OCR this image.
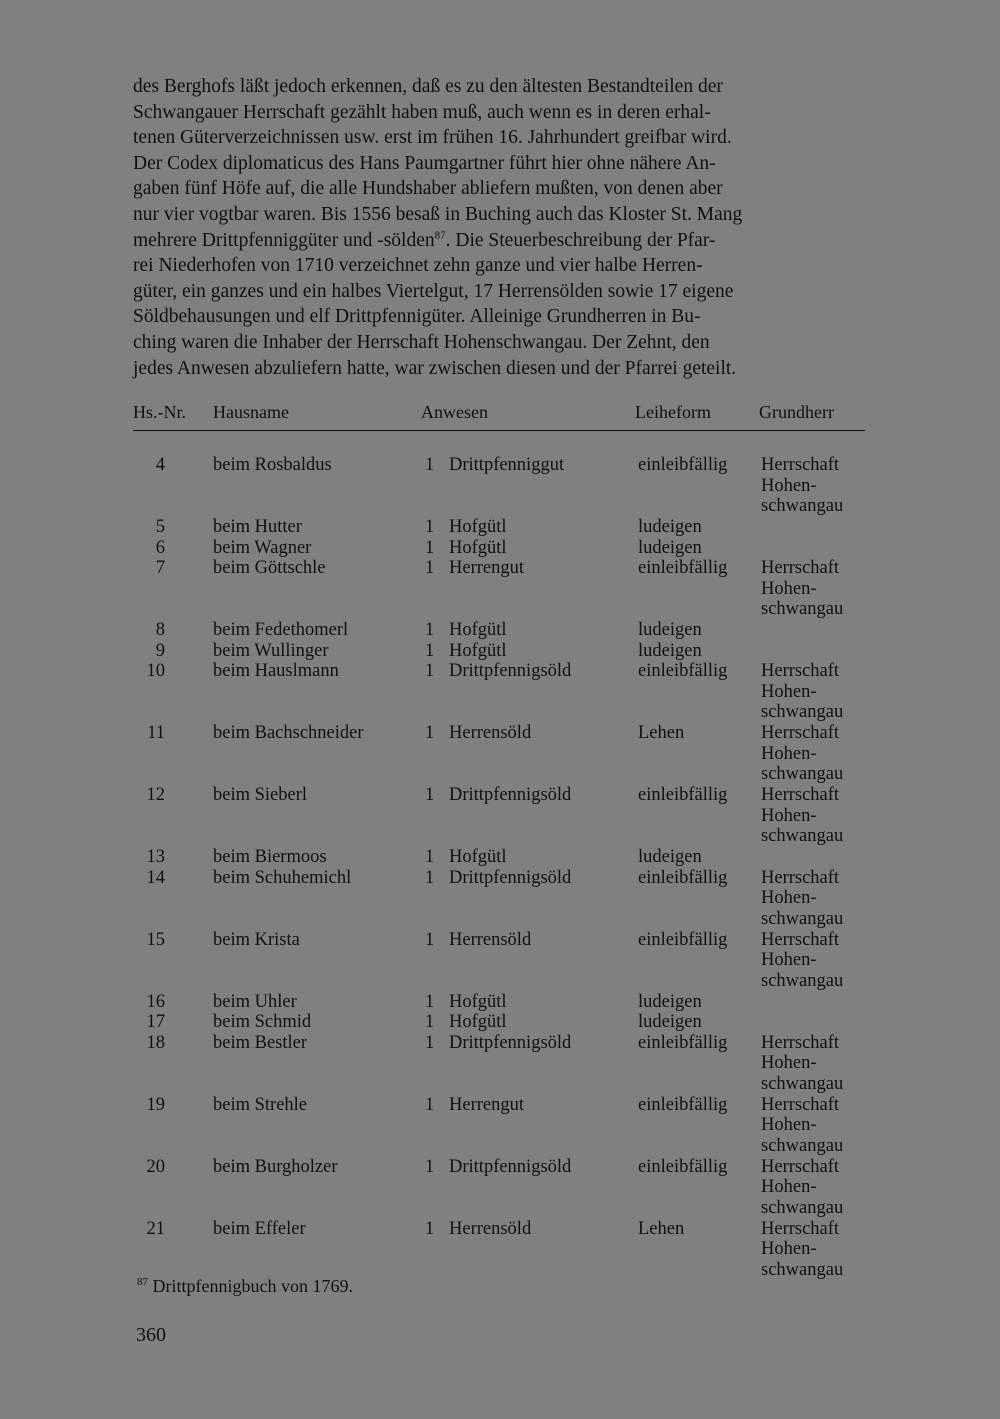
des Berghofs läßt jedoch erkennen, daß es zu den ältesten Bestandteilen der

Schwangauer Herrschaft gezählt haben muß, auch wenn es in deren erhal-

tenen Güterverzeichnissen usw. erst im frühen 16. Jahrhundert greifbar wird.

Der Codex diplomaticus des Hans Paumgartner führt hier ohne nähere An-

gaben fünf Höfe auf, die alle Hundshaber abliefern mußten, von denen aber

nur vier vogtbar waren. Bis 1556 besaß in Buching auch das Kloster St. Mang

mehrere Drittpfenniggüter und -sölden$^{87}$. Die Steuerbeschreibung der Pfar-

rei Niederhofen von 1710 verzeichnet zehn ganze und vier halbe Herren-

güter, ein ganzes und ein halbes Viertelgut, 17 Herrensölden sowie 17 eigene

Söldbehausungen und elf Drittpfennigüter. Alleinige Grundherren in Bu-

ching waren die Inhaber der Herrschaft Hohenschwangau. Der Zehnt, den

jedes Anwesen abzuliefern hatte, war zwischen diesen und der Pfarrei geteilt.

Hs.-Nr. Hausname	Anwesen	Leiheform	Grundherr
4	beim Rosbaldus	1 Drittpfenniggut	einleibfällig Herrschaft
Hohen-
schwangau
5	beim Hutter	1 Hofgütl	ludeigen
6	beim Wagner	1 Hofgütl	ludeigen
7	beim Göttschle	1 Herrengut	einleibfällig Herrschaft
Hohen-
schwangau
8	beim Fedethomerl	1 Hofgütl	ludeigen
9	beim Wullinger	1 Hofgütl	ludeigen
10	beim Hauslmann	1 Drittpfennigsöld	einleibfällig Herrschaft
Hohen-
schwangau
11	beim Bachschneider	1 Herrensöld	Lehen	Herrschaft
Hohen-
schwangau
12	beim Sieberl	1 Drittpfennigsöld	einleibfällig Herrschaft
Hohen-
schwangau
13	beim Biermoos	1 Hofgütl	ludeigen
14	beim Schuhemichl	1 Drittpfennigsöld	einleibfällig Herrschaft
Hohen-
schwangau
15	beim Krista	1 Herrensöld	einleibfällig Herrschaft
Hohen-
schwangau
16	beim Uhler	1 Hofgütl	ludeigen
17	beim Schmid	1 Hofgütl	ludeigen
18	beim Bestler	1 Drittpfennigsöld	einleibfällig Herrschaft
Hohen-
schwangau
19	beim Strehle	1 Herrengut	einleibfällig Herrschaft
Hohen-
schwangau
20	beim Burgholzer	1 Drittpfennigsöld	einleibfällig Herrschaft
Hohen-
schwangau
21	beim Effeler	1 Herrensöld	Lehen	Herrschaft
Hohen-
schwangau
$^{87}$ Drittpfennigbuch von 1769.
360
